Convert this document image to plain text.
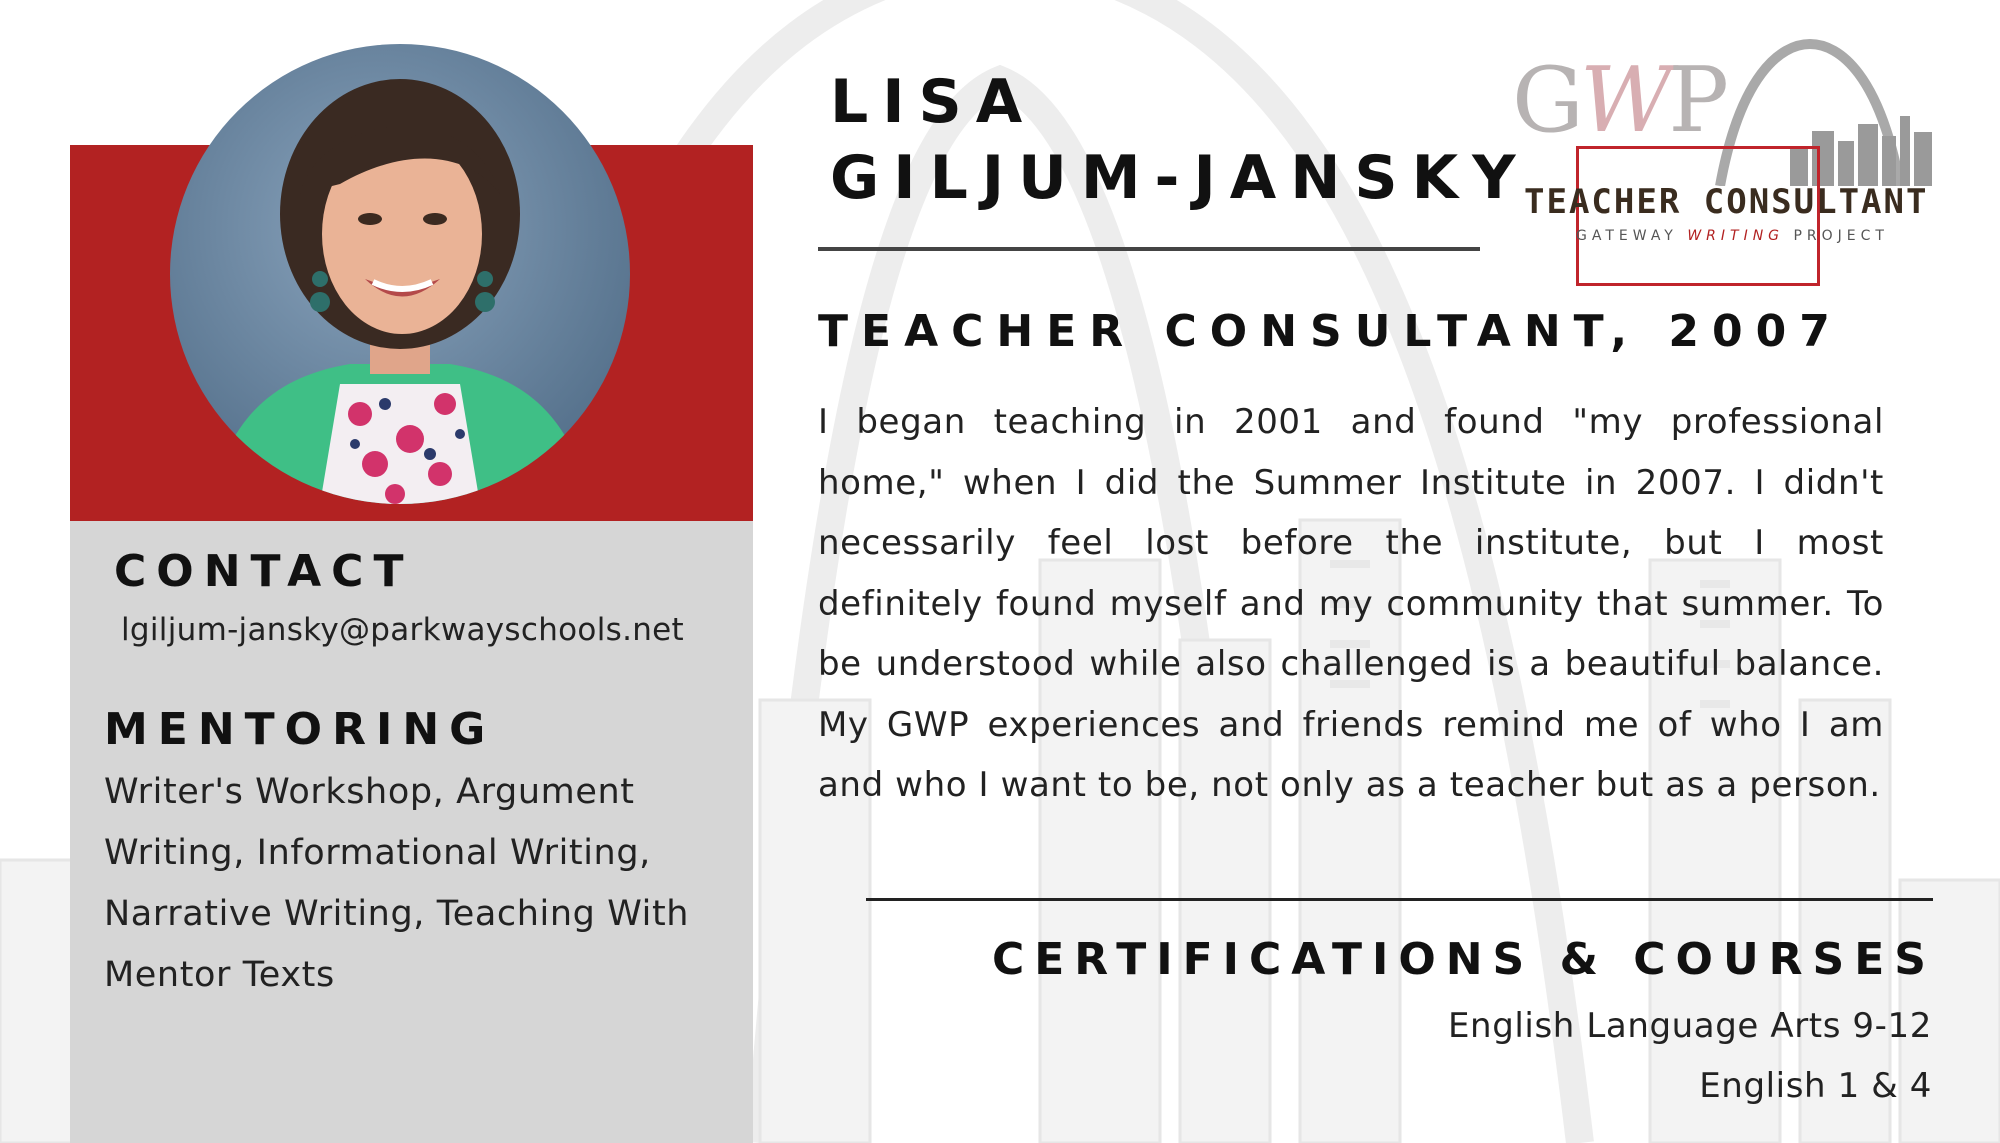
CONTACT
lgiljum-jansky@parkwayschools.net
MENTORING
Writer's Workshop, Argument Writing, Informational Writing, Narrative Writing, Teaching With Mentor Texts
LISA
GILJUM-JANSKY
GWP
TEACHER CONSULTANT
GATEWAY WRITING PROJECT
TEACHER CONSULTANT, 2007
I began teaching in 2001 and found "my professional home," when I did the Summer Institute in 2007. I didn't necessarily feel lost before the institute, but I most definitely found myself and my community that summer. To be understood while also challenged is a beautiful balance. My GWP experiences and friends remind me of who I am and who I want to be, not only as a teacher but as a person.
CERTIFICATIONS & COURSES
English Language Arts 9-12
English 1 & 4
